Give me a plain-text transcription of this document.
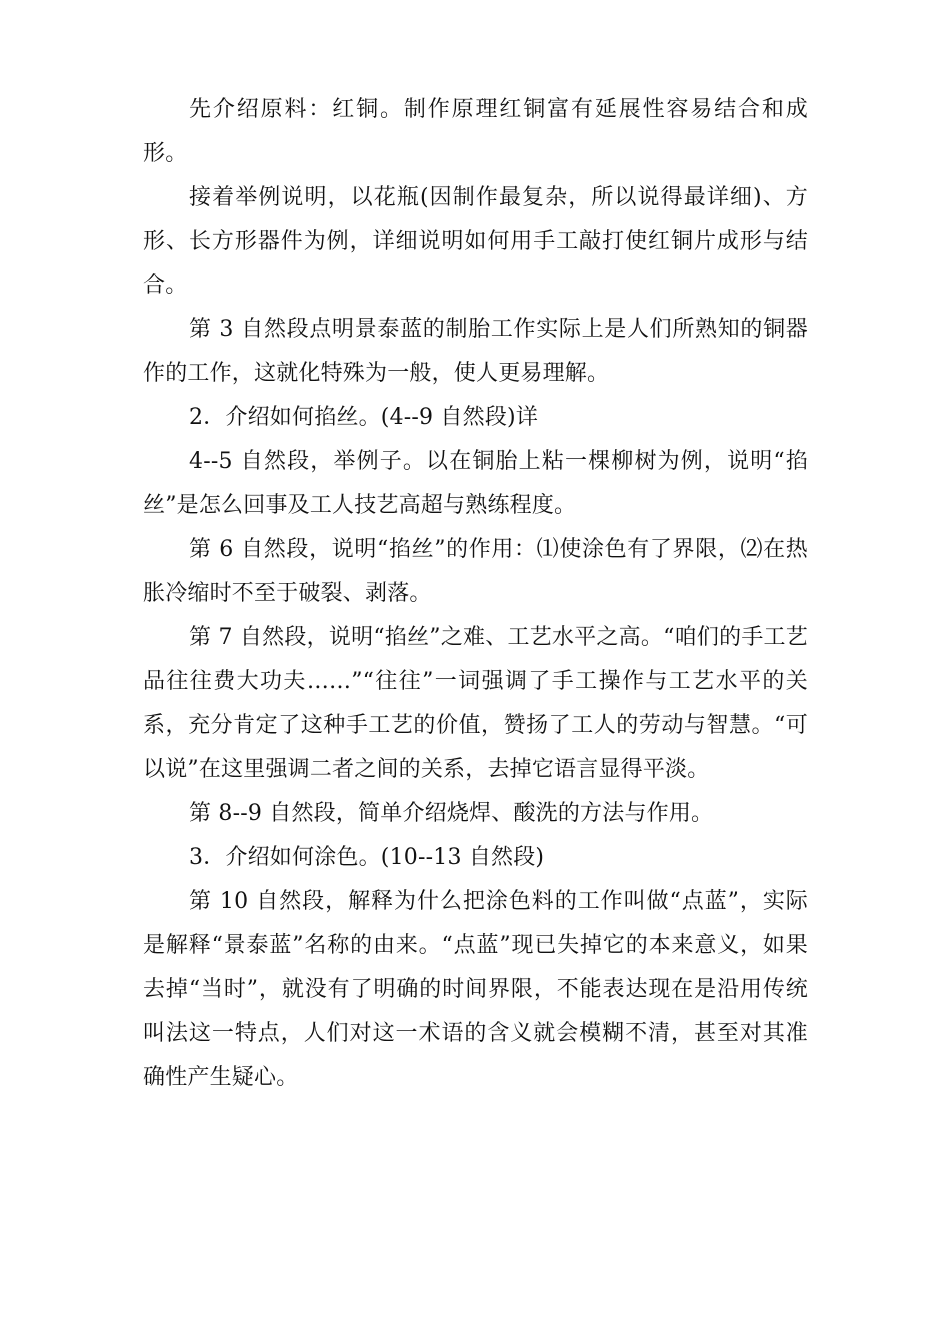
先介绍原料：红铜。制作原理红铜富有延展性容易结合和成形。

接着举例说明，以花瓶(因制作最复杂，所以说得最详细)、方形、长方形器件为例，详细说明如何用手工敲打使红铜片成形与结合。

第 3 自然段点明景泰蓝的制胎工作实际上是人们所熟知的铜器作的工作，这就化特殊为一般，使人更易理解。

2．介绍如何掐丝。(4--9 自然段)详

4--5 自然段，举例子。以在铜胎上粘一棵柳树为例，说明“掐丝”是怎么回事及工人技艺高超与熟练程度。

第 6 自然段，说明“掐丝”的作用：⑴使涂色有了界限，⑵在热胀冷缩时不至于破裂、剥落。

第 7 自然段，说明“掐丝”之难、工艺水平之高。“咱们的手工艺品往往费大功夫……”“往往”一词强调了手工操作与工艺水平的关系，充分肯定了这种手工艺的价值，赞扬了工人的劳动与智慧。“可以说”在这里强调二者之间的关系，去掉它语言显得平淡。

第 8--9 自然段，简单介绍烧焊、酸洗的方法与作用。

3．介绍如何涂色。(10--13 自然段)

第 10 自然段，解释为什么把涂色料的工作叫做“点蓝”，实际是解释“景泰蓝”名称的由来。“点蓝”现已失掉它的本来意义，如果去掉“当时”，就没有了明确的时间界限，不能表达现在是沿用传统叫法这一特点，人们对这一术语的含义就会模糊不清，甚至对其准确性产生疑心。
